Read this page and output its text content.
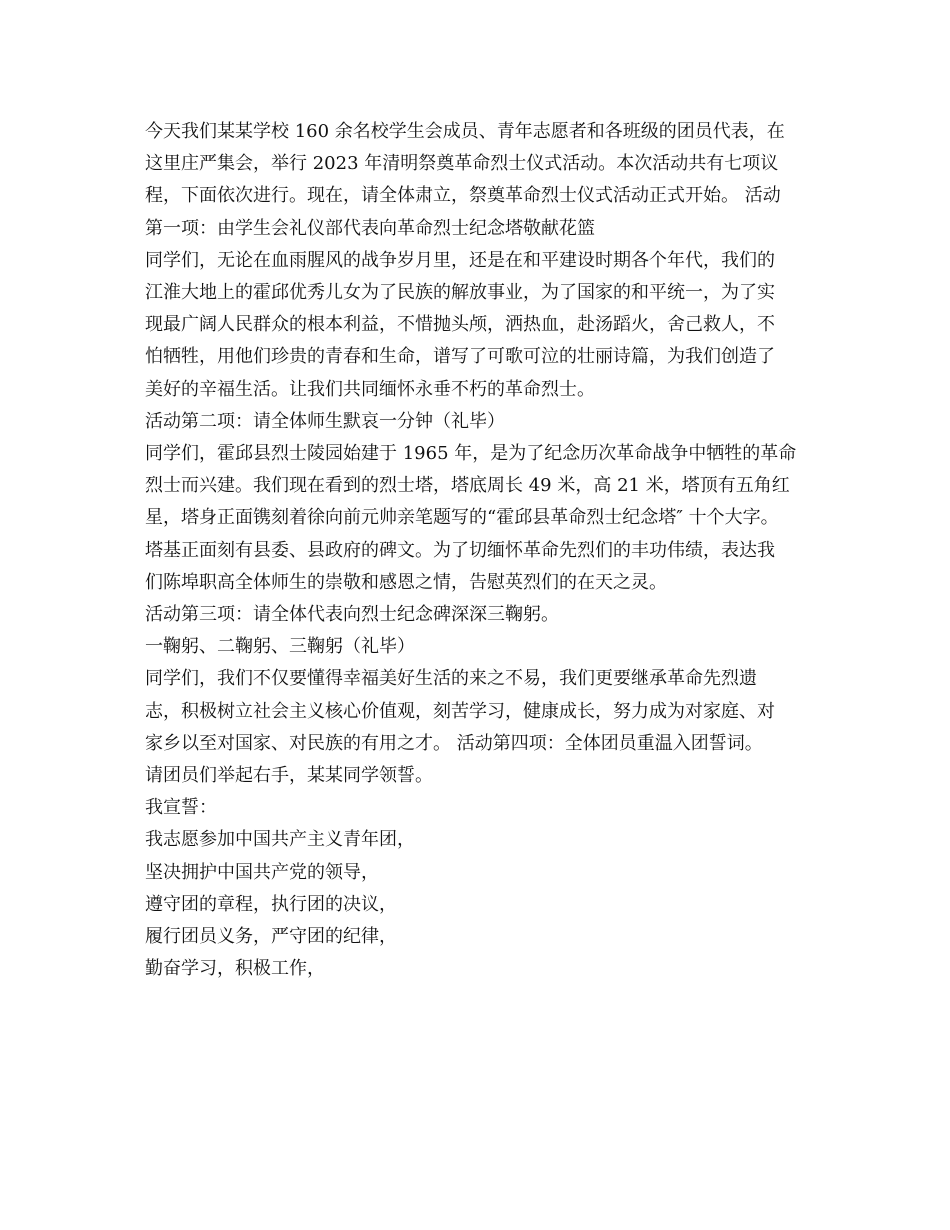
今天我们某某学校 160 余名校学生会成员、青年志愿者和各班级的团员代表，在
这里庄严集会，举行 2023 年清明祭奠革命烈士仪式活动。本次活动共有七项议
程，下面依次进行。现在，请全体肃立，祭奠革命烈士仪式活动正式开始。 活动
第一项：由学生会礼仪部代表向革命烈士纪念塔敬献花篮
同学们，无论在血雨腥风的战争岁月里，还是在和平建设时期各个年代，我们的
江淮大地上的霍邱优秀儿女为了民族的解放事业，为了国家的和平统一，为了实
现最广阔人民群众的根本利益，不惜抛头颅，洒热血，赴汤蹈火，舍己救人，不
怕牺牲，用他们珍贵的青春和生命，谱写了可歌可泣的壮丽诗篇，为我们创造了
美好的辛福生活。让我们共同缅怀永垂不朽的革命烈士。
活动第二项：请全体师生默哀一分钟（礼毕）
同学们，霍邱县烈士陵园始建于 1965 年，是为了纪念历次革命战争中牺牲的革命
烈士而兴建。我们现在看到的烈士塔，塔底周长 49 米，高 21 米，塔顶有五角红
星，塔身正面镌刻着徐向前元帅亲笔题写的“霍邱县革命烈士纪念塔″ 十个大字。
塔基正面刻有县委、县政府的碑文。为了切缅怀革命先烈们的丰功伟绩，表达我
们陈埠职高全体师生的崇敬和感恩之情，告慰英烈们的在天之灵。
活动第三项：请全体代表向烈士纪念碑深深三鞠躬。
一鞠躬、二鞠躬、三鞠躬（礼毕）
同学们，我们不仅要懂得幸福美好生活的来之不易，我们更要继承革命先烈遗
志，积极树立社会主义核心价值观，刻苦学习，健康成长，努力成为对家庭、对
家乡以至对国家、对民族的有用之才。 活动第四项：全体团员重温入团誓词。
请团员们举起右手，某某同学领誓。
我宣誓：
我志愿参加中国共产主义青年团，
坚决拥护中国共产党的领导，
遵守团的章程，执行团的决议，
履行团员义务，严守团的纪律，
勤奋学习，积极工作，
